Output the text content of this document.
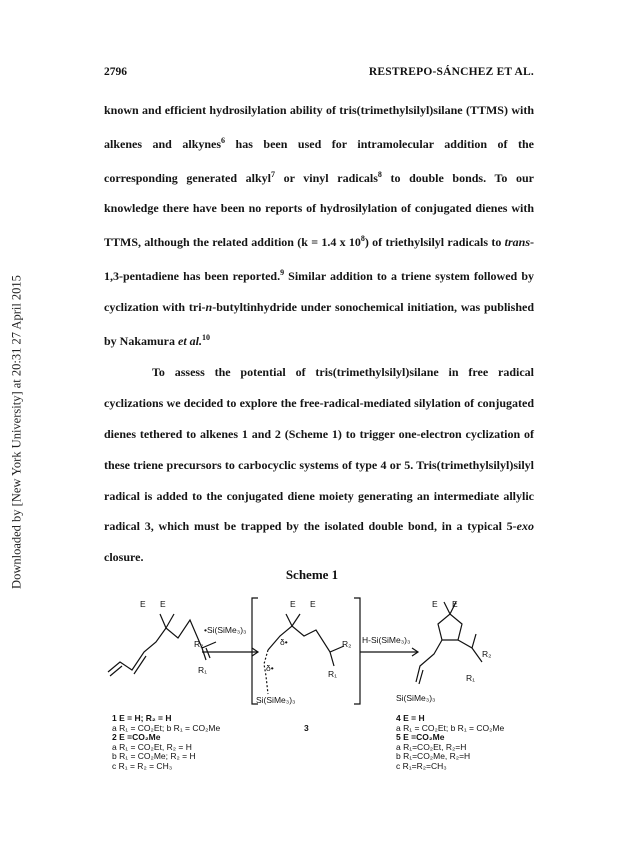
Downloaded by [New York University] at 20:31 27 April 2015
2796	RESTREPO-SÁNCHEZ ET AL.

known and efficient hydrosilylation ability of tris(trimethylsilyl)silane (TTMS) with alkenes and alkynes$^6$ has been used for intramolecular addition of the corresponding generated alkyl$^7$ or vinyl radicals$^8$ to double bonds. To our knowledge there have been no reports of hydrosilylation of conjugated dienes with TTMS, although the related addition (k = 1.4 x $10^8$) of triethylsilyl radicals to trans-1,3-pentadiene has been reported.$^9$ Similar addition to a triene system followed by cyclization with tri-n-butyltinhydride under sonochemical initiation, was published by Nakamura et al.$^{10}$

To assess the potential of tris(trimethylsilyl)silane in free radical cyclizations we decided to explore the free-radical-mediated silylation of conjugated dienes tethered to alkenes 1 and 2 (Scheme 1) to trigger one-electron cyclization of these triene precursors to carbocyclic systems of type 4 or 5. Tris(trimethylsilyl)silyl radical is added to the conjugated diene moiety generating an intermediate allylic radical 3, which must be trapped by the isolated double bond, in a typical 5-exo closure.

Scheme 1
E E
•Si(SiMe₃)₃
R₂
R₁
E E
R₂
R₁
δ•
δ•
Si(SiMe₃)₃
3
H-Si(SiMe₃)₃
E E
R₂
R₁
Si(SiMe₃)₃
1 E = H; R₂ = H
a R₁ = CO₂Et; b R₁ = CO₂Me
2 E =CO₂Me
a R₁ = CO₂Et, R₂ = H
b R₁ = CO₂Me; R₂ = H
c R₁ = R₂ = CH₃
4 E = H
a R₁ = CO₂Et; b R₁ = CO₂Me
5 E =CO₂Me
a R₁=CO₂Et, R₂=H
b R₁=CO₂Me, R₂=H
c R₁=R₂=CH₃
